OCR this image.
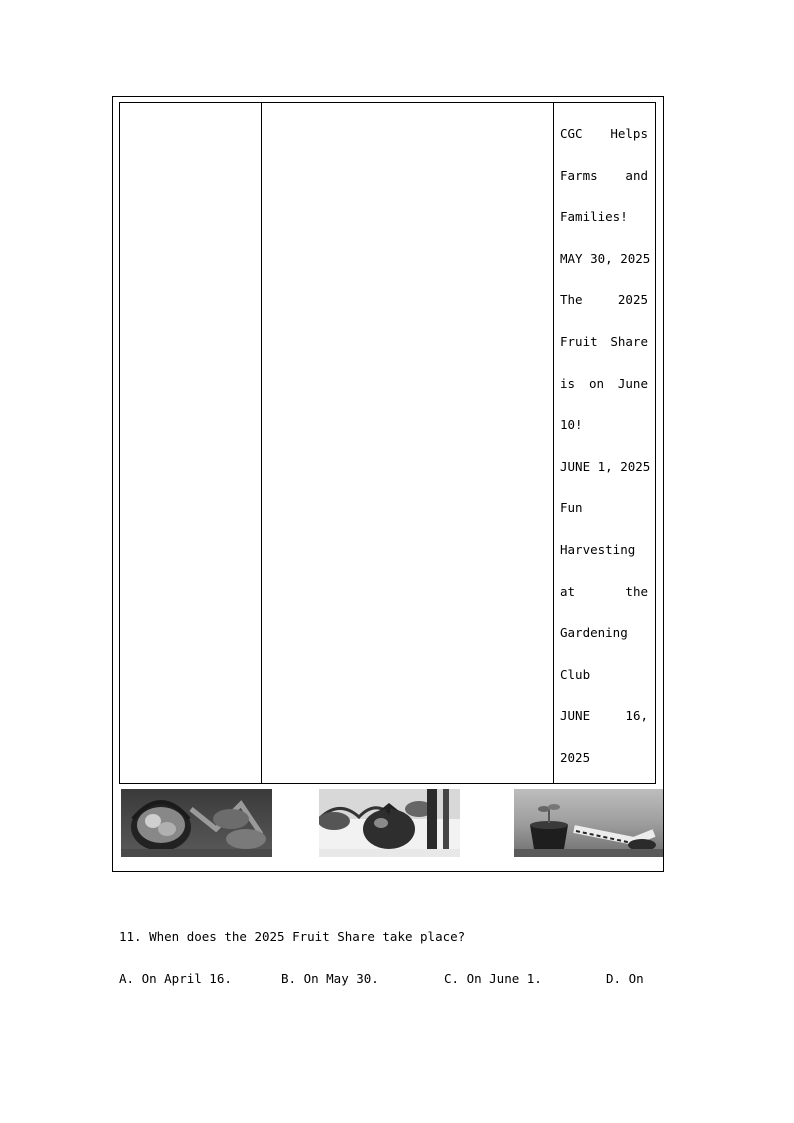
CGC Helps
Farms and
Families!
MAY 30, 2025
The	2025
Fruit Share
is on June
10!
JUNE 1, 2025
Fun
Harvesting
at	the
Gardening
Club
JUNE	16,
2025
11. When does the 2025 Fruit Share take place?
A. On April 16.	B. On May 30.	C. On June 1.	D. On
